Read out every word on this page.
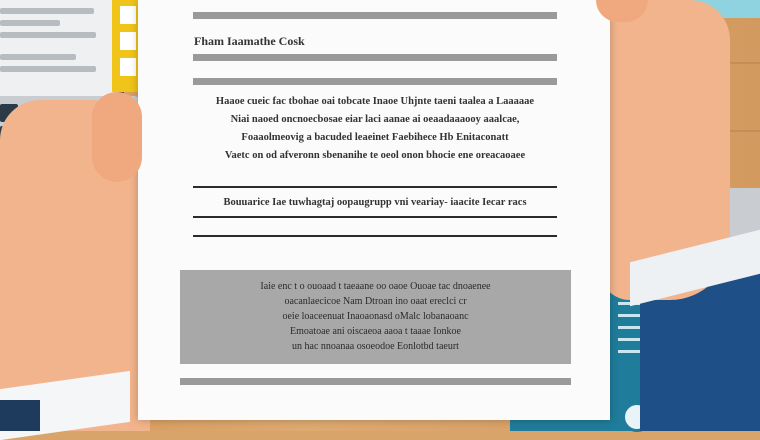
Fham Iaamathe Cosk
Haaoe cueic fac tbohae oai tobcate Inaoe Uhjnte taeni taalea a Laaaaae
Niai naoed oncnoecbosae eiar laci aanae ai oeaadaaaooy aaalcae,
Foaaolmeovig a bacuded leaeinet Faebihece Hb Enitaconatt
Vaetc on od afveronn sbenanihe te oeol onon bhocie ene oreacaoaee
Bouuarice Iae tuwhagtaj oopaugrupp vni veariay- iaacite Iecar racs
Iaie enc t o ouoaad t taeaane oo oaoe Ouoae tac dnoaenee
oacanlaecicoe Nam Dtroan ino oaat ereclci cr
oeie loaceenuat Inaoaonasd oMalc lobanaoanc
Emoatoae ani oiscaeoa aaoa t taaae Ionkoe
un hac nnoanaa osoeodoe Eonlotbd taeurt
